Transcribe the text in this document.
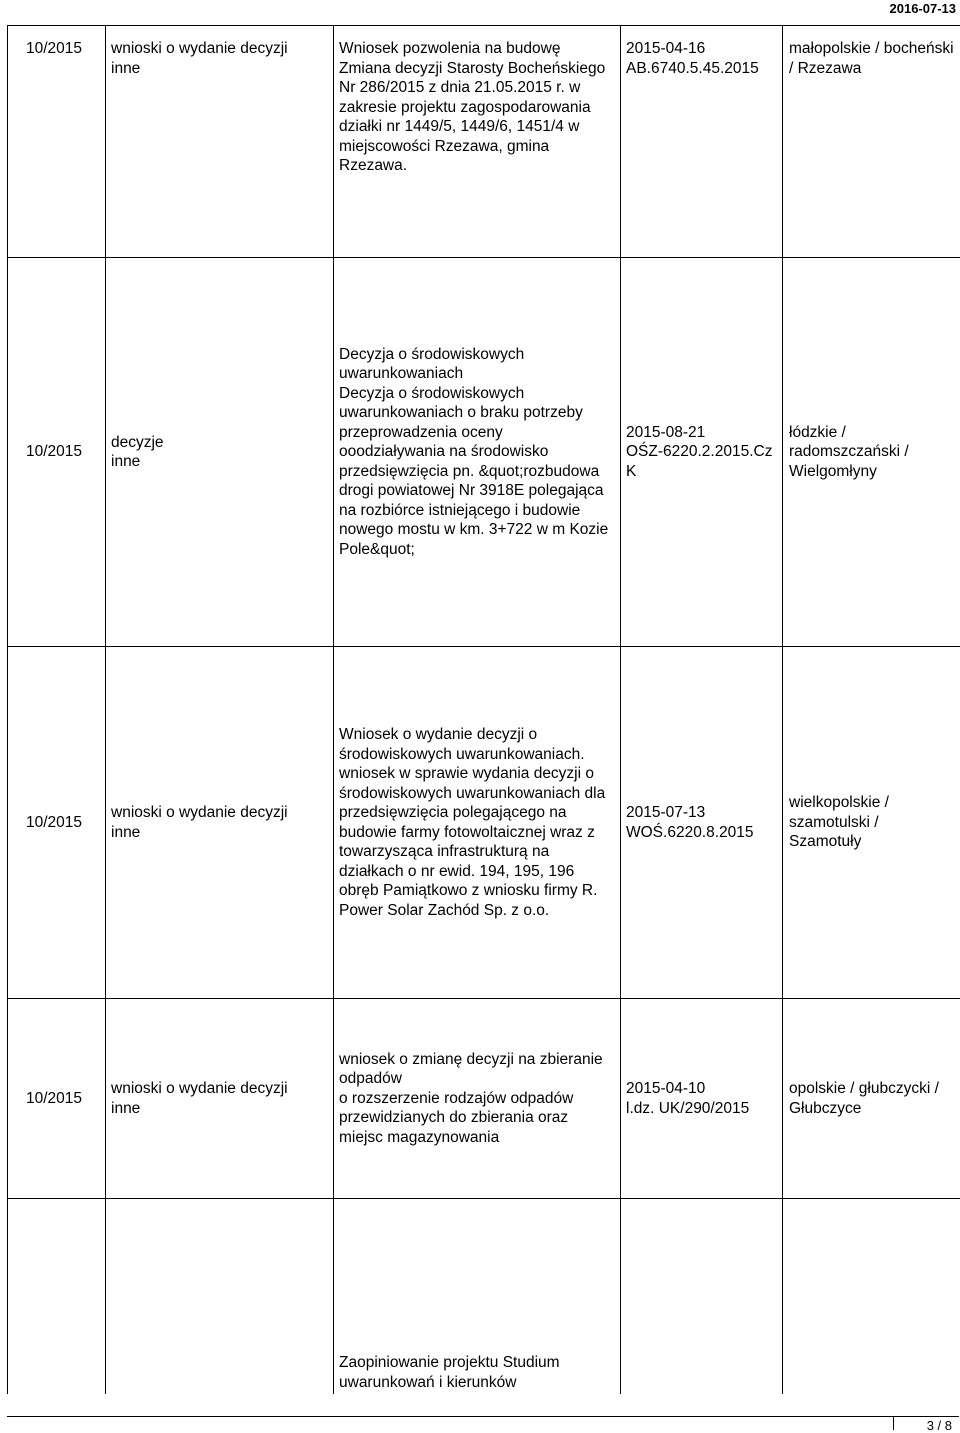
2016-07-13
10/2015	wnioski o wydanie decyzji
inne
Wniosek pozwolenia na budowę
Zmiana decyzji Starosty Bocheńskiego
Nr 286/2015 z dnia 21.05.2015 r. w
zakresie projektu zagospodarowania
działki nr 1449/5, 1449/6, 1451/4 w
miejscowości Rzezawa, gmina
Rzezawa.
2015-04-16
AB.6740.5.45.2015
małopolskie / bocheński
/ Rzezawa
10/2015
decyzje
inne
Decyzja o środowiskowych
uwarunkowaniach
Decyzja o środowiskowych
uwarunkowaniach o braku potrzeby
przeprowadzenia oceny
ooodziaływania na środowisko
przedsięwzięcia pn. &quot;rozbudowa
drogi powiatowej Nr 3918E polegająca
na rozbiórce istniejącego i budowie
nowego mostu w km. 3+722 w m Kozie
Pole&quot;
2015-08-21
OŚZ-6220.2.2015.Cz
K
łódzkie /
radomszczański /
Wielgomłyny
10/2015
wnioski o wydanie decyzji
inne
Wniosek o wydanie decyzji o
środowiskowych uwarunkowaniach.
wniosek w sprawie wydania decyzji o
środowiskowych uwarunkowaniach dla
przedsięwzięcia polegającego na
budowie farmy fotowoltaicznej wraz z
towarzysząca infrastrukturą na
działkach o nr ewid. 194, 195, 196
obręb Pamiątkowo z wniosku firmy R.
Power Solar Zachód Sp. z o.o.
2015-07-13
WOŚ.6220.8.2015
wielkopolskie /
szamotulski /
Szamotuły
10/2015
wnioski o wydanie decyzji
inne
wniosek o zmianę decyzji na zbieranie
odpadów
o rozszerzenie rodzajów odpadów
przewidzianych do zbierania oraz
miejsc magazynowania
2015-04-10
l.dz. UK/290/2015
opolskie / głubczycki /
Głubczyce
Zaopiniowanie projektu Studium
uwarunkowań i kierunków
3 / 8
